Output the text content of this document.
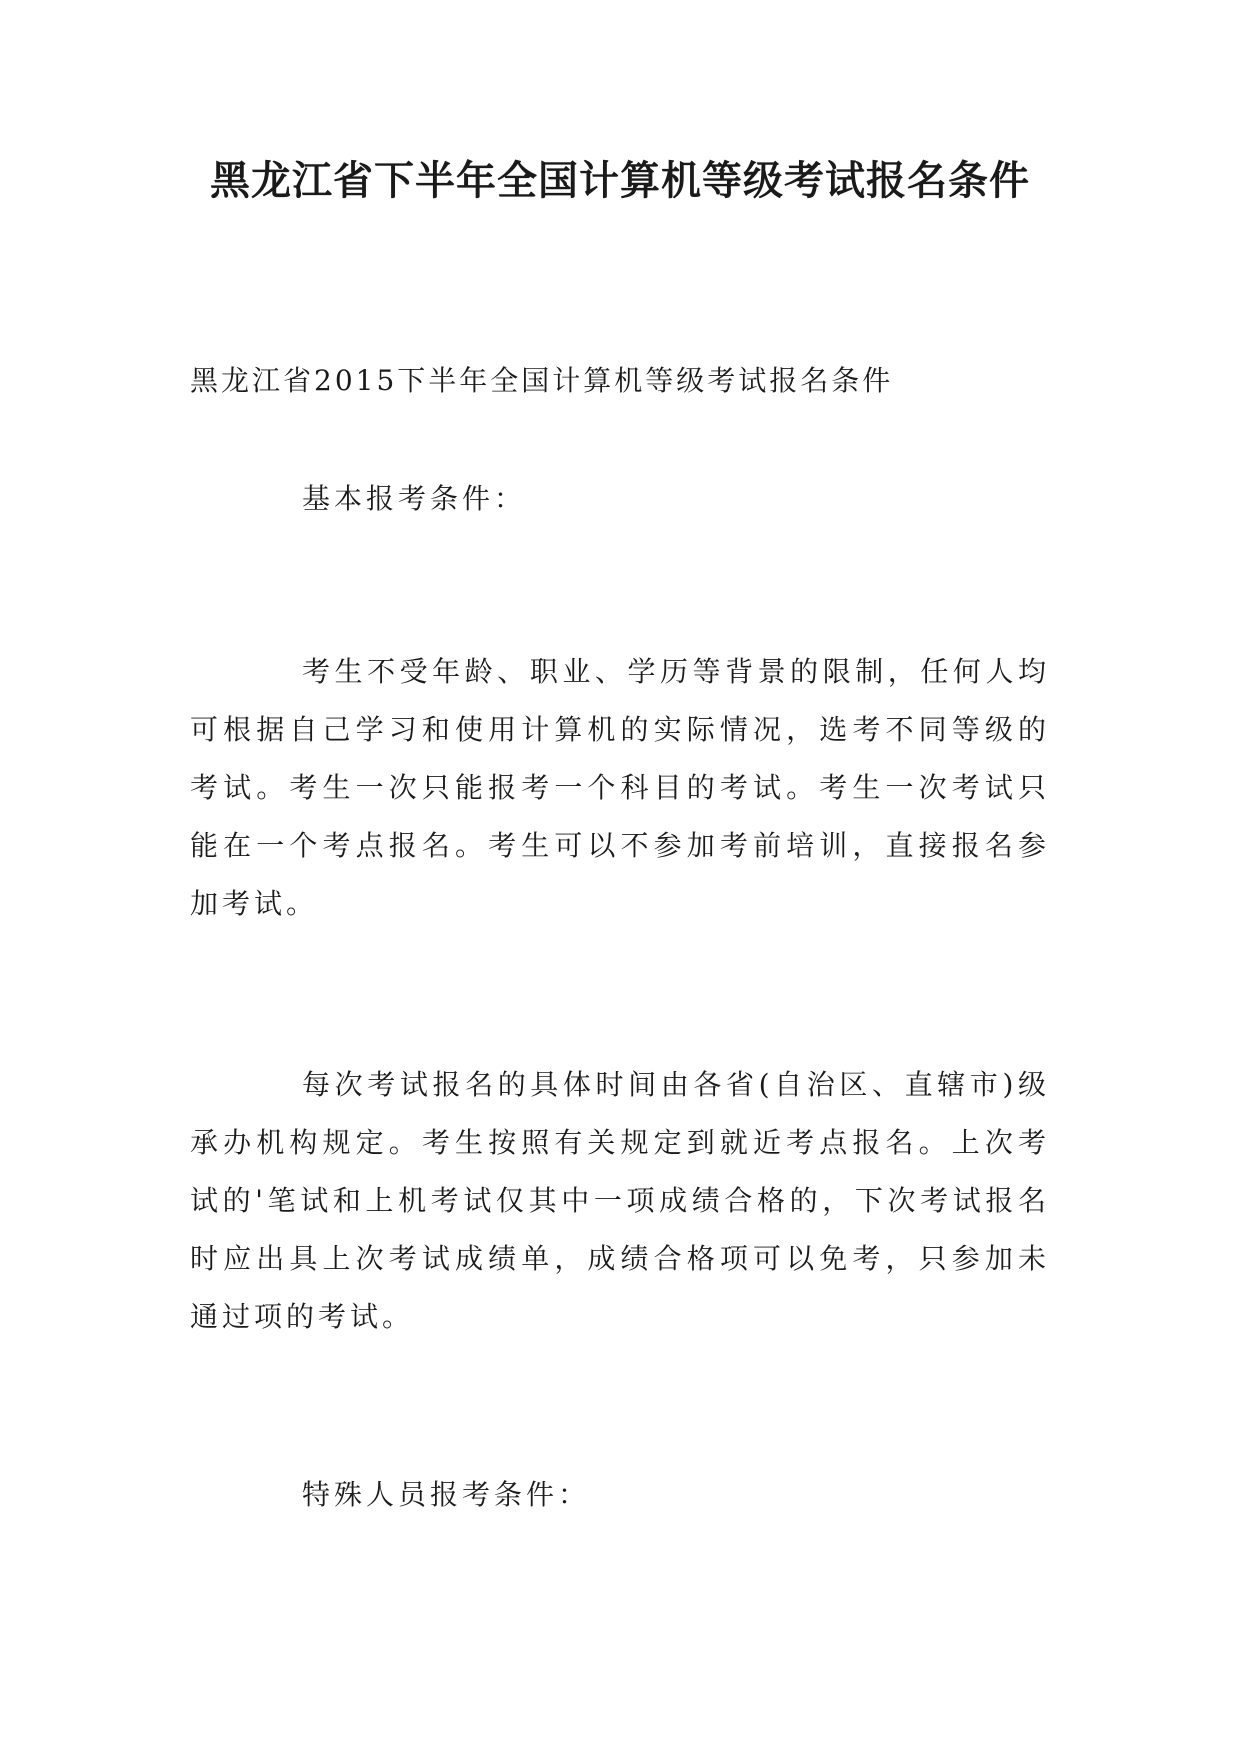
黑龙江省下半年全国计算机等级考试报名条件

黑龙江省2015下半年全国计算机等级考试报名条件

基本报考条件：

考生不受年龄、职业、学历等背景的限制，任何人均可根据自己学习和使用计算机的实际情况，选考不同等级的考试。考生一次只能报考一个科目的考试。考生一次考试只能在一个考点报名。考生可以不参加考前培训，直接报名参加考试。

每次考试报名的具体时间由各省(自治区、直辖市)级承办机构规定。考生按照有关规定到就近考点报名。上次考试的'笔试和上机考试仅其中一项成绩合格的，下次考试报名时应出具上次考试成绩单，成绩合格项可以免考，只参加未通过项的考试。

特殊人员报考条件：
